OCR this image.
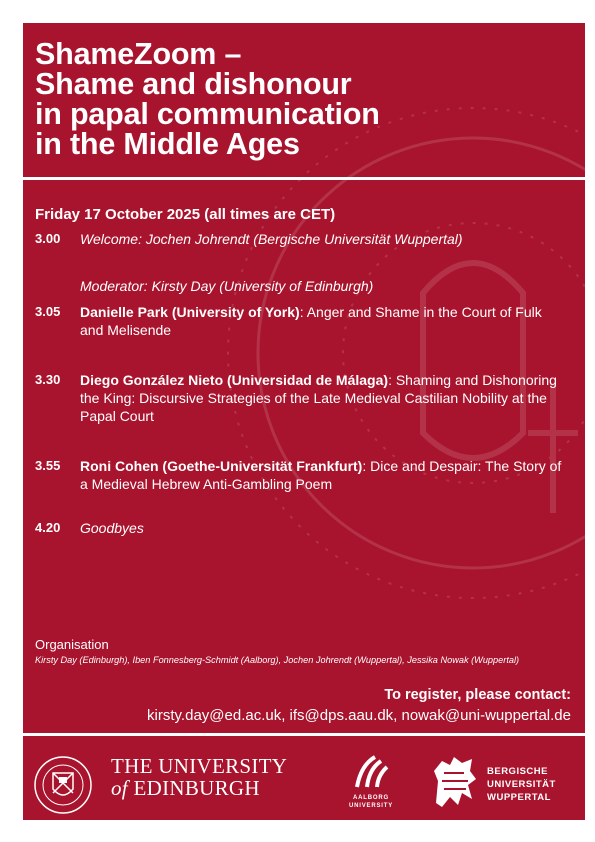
ShameZoom –
Shame and dishonour
in papal communication
in the Middle Ages
Friday 17 October 2025 (all times are CET)
3.00 Welcome: Jochen Johrendt (Bergische Universität Wuppertal)
Moderator: Kirsty Day (University of Edinburgh)
3.05 Danielle Park (University of York): Anger and Shame in the Court of Fulk and Melisende
3.30 Diego González Nieto (Universidad de Málaga): Shaming and Dishonoring the King: Discursive Strategies of the Late Medieval Castilian Nobility at the Papal Court
3.55 Roni Cohen (Goethe-Universität Frankfurt): Dice and Despair: The Story of a Medieval Hebrew Anti-Gambling Poem
4.20 Goodbyes
Organisation
Kirsty Day (Edinburgh), Iben Fonnesberg-Schmidt (Aalborg), Jochen Johrendt (Wuppertal), Jessika Nowak (Wuppertal)
To register, please contact:
kirsty.day@ed.ac.uk, ifs@dps.aau.dk, nowak@uni-wuppertal.de
THE UNIVERSITY
of EDINBURGH	AALBORG
UNIVERSITY
BERGISCHE
UNIVERSITÄT
WUPPERTAL
